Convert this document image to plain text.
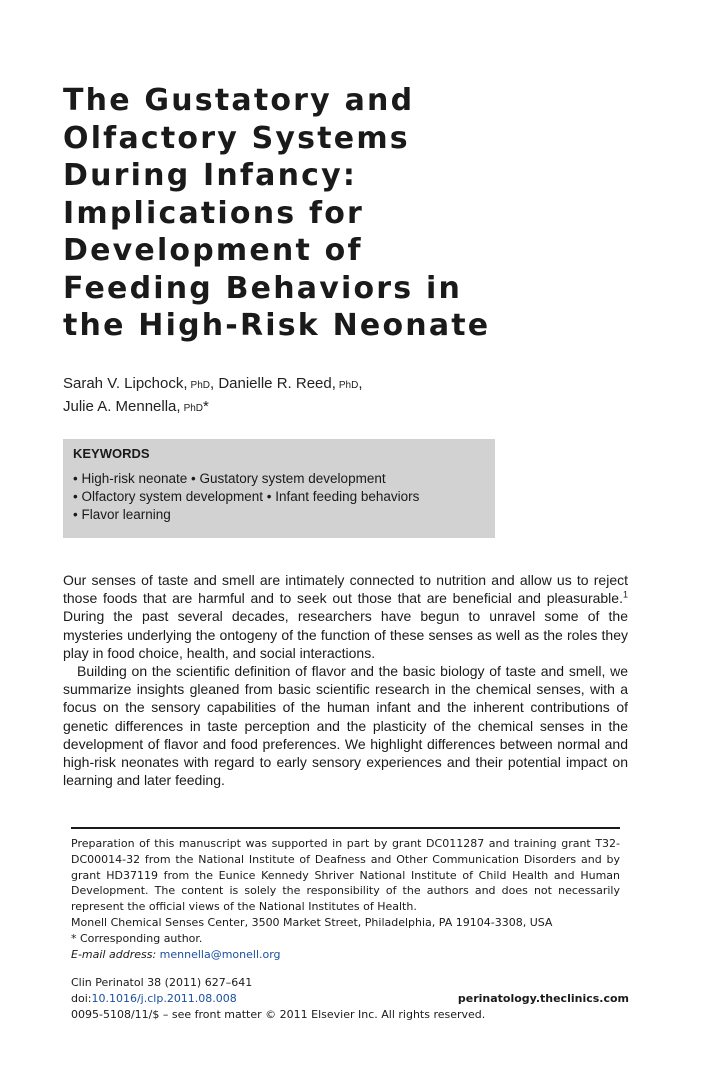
The Gustatory and
Olfactory Systems
During Infancy:
Implications for
Development of
Feeding Behaviors in
the High-Risk Neonate
Sarah V. Lipchock, PhD, Danielle R. Reed, PhD,
Julie A. Mennella, PhD*
KEYWORDS
• High-risk neonate • Gustatory system development
• Olfactory system development • Infant feeding behaviors
• Flavor learning

Our senses of taste and smell are intimately connected to nutrition and allow us to reject those foods that are harmful and to seek out those that are beneficial and pleasurable.$^1$ During the past several decades, researchers have begun to unravel some of the mysteries underlying the ontogeny of the function of these senses as well as the roles they play in food choice, health, and social interactions.

Building on the scientific definition of flavor and the basic biology of taste and smell, we summarize insights gleaned from basic scientific research in the chemical senses, with a focus on the sensory capabilities of the human infant and the inherent contributions of genetic differences in taste perception and the plasticity of the chemical senses in the development of flavor and food preferences. We highlight differences between normal and high-risk neonates with regard to early sensory experiences and their potential impact on learning and later feeding.

Preparation of this manuscript was supported in part by grant DC011287 and training grant T32-DC00014-32 from the National Institute of Deafness and Other Communication Disorders and by grant HD37119 from the Eunice Kennedy Shriver National Institute of Child Health and Human Development. The content is solely the responsibility of the authors and does not necessarily represent the official views of the National Institutes of Health.
Monell Chemical Senses Center, 3500 Market Street, Philadelphia, PA 19104-3308, USA
* Corresponding author.
E-mail address: mennella@monell.org
Clin Perinatol 38 (2011) 627–641
doi:10.1016/j.clp.2011.08.008	perinatology.theclinics.com
0095-5108/11/$ – see front matter © 2011 Elsevier Inc. All rights reserved.
